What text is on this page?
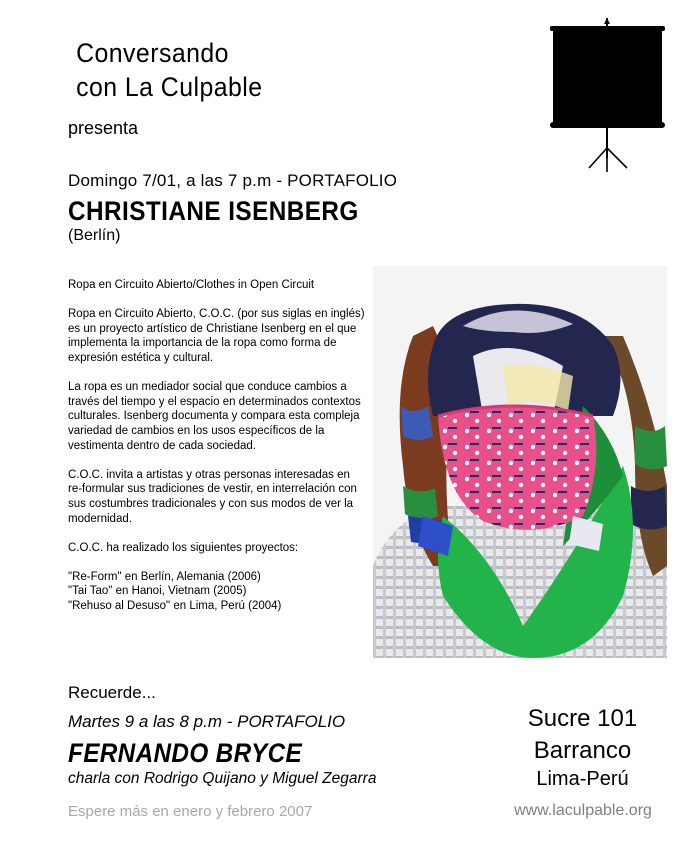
Conversando
con La Culpable
presenta
Domingo 7/01, a las 7 p.m - PORTAFOLIO
CHRISTIANE ISENBERG
(Berlín)

Ropa en Circuito Abierto/Clothes in Open Circuit

Ropa en Circuito Abierto, C.O.C. (por sus siglas en inglés) es un proyecto artístico de Christiane Isenberg en el que implementa la importancia de la ropa como forma de expresión estética y cultural.

La ropa es un mediador social que conduce cambios a través del tiempo y el espacio en determinados contextos culturales. Isenberg documenta y compara esta compleja variedad de cambios en los usos específicos de la vestimenta dentro de cada sociedad.

C.O.C. invita a artistas y otras personas interesadas en re-formular sus tradiciones de vestir, en interrelación con sus costumbres tradicionales y con sus modos de ver la modernidad.

C.O.C. ha realizado los siguientes proyectos:

"Re-Form" en Berlín, Alemania (2006)
"Tai Tao" en Hanoi, Vietnam (2005)
"Rehuso al Desuso" en Lima, Perú (2004)
Recuerde...
Martes 9 a las 8 p.m - PORTAFOLIO
FERNANDO BRYCE
charla con Rodrigo Quijano y Miguel Zegarra
Espere más en enero y febrero 2007
Sucre 101
Barranco
Lima-Perú
www.laculpable.org
